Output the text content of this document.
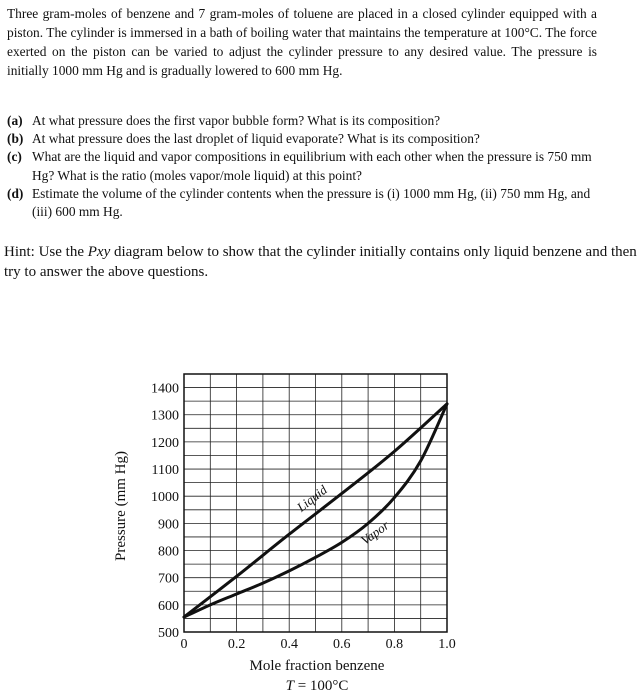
Three gram-moles of benzene and 7 gram-moles of toluene are placed in a closed cylinder equipped with a piston. The cylinder is immersed in a bath of boiling water that maintains the temperature at 100°C. The force exerted on the piston can be varied to adjust the cylinder pressure to any desired value. The pressure is initially 1000 mm Hg and is gradually lowered to 600 mm Hg.

(a) At what pressure does the first vapor bubble form? What is its composition?
(b) At what pressure does the last droplet of liquid evaporate? What is its composition?
(c) What are the liquid and vapor compositions in equilibrium with each other when the pressure is 750 mm Hg? What is the ratio (moles vapor/mole liquid) at this point?
(d) Estimate the volume of the cylinder contents when the pressure is (i) 1000 mm Hg, (ii) 750 mm Hg, and (iii) 600 mm Hg.

Hint: Use the Pxy diagram below to show that the cylinder initially contains only liquid benzene and then try to answer the above questions.

500
600
700
800
900
1000
1100
1200
1300
1400
0	0.2	0.4	0.6	0.8	1.0
Liquid
Vapor
Pressure (mm Hg)
Mole fraction benzene
T = 100°C
